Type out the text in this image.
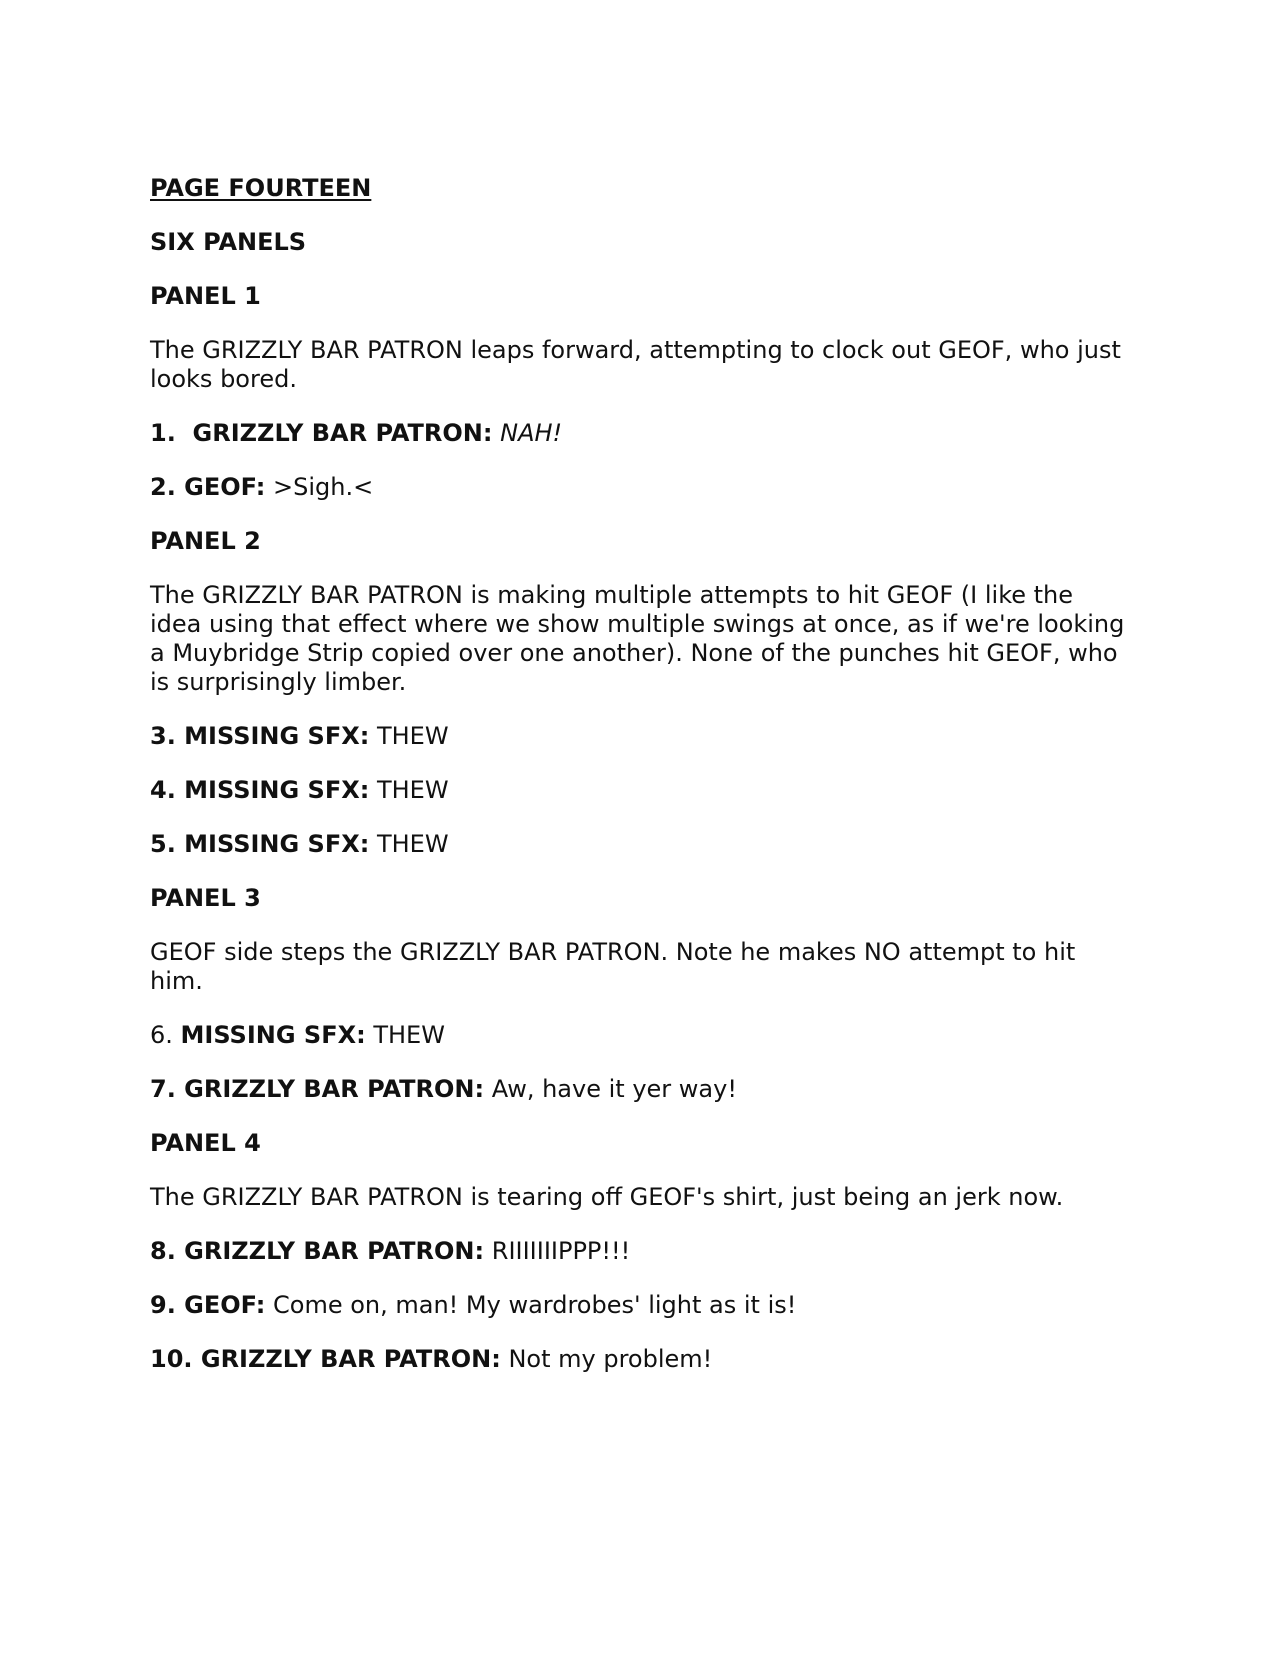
PAGE FOURTEEN
SIX PANELS
PANEL 1
The GRIZZLY BAR PATRON leaps forward, attempting to clock out GEOF, who just looks bored.
1.  GRIZZLY BAR PATRON: NAH!
2. GEOF: >Sigh.<
PANEL 2
The GRIZZLY BAR PATRON is making multiple attempts to hit GEOF (I like the idea using that effect where we show multiple swings at once, as if we're looking a Muybridge Strip copied over one another). None of the punches hit GEOF, who is surprisingly limber.
3. MISSING SFX: THEW
4. MISSING SFX: THEW
5. MISSING SFX: THEW
PANEL 3
GEOF side steps the GRIZZLY BAR PATRON. Note he makes NO attempt to hit him.
6. MISSING SFX: THEW
7. GRIZZLY BAR PATRON: Aw, have it yer way!
PANEL 4
The GRIZZLY BAR PATRON is tearing off GEOF's shirt, just being an jerk now.
8. GRIZZLY BAR PATRON: RIIIIIIIPPP!!!
9. GEOF: Come on, man! My wardrobes' light as it is!
10. GRIZZLY BAR PATRON: Not my problem!
